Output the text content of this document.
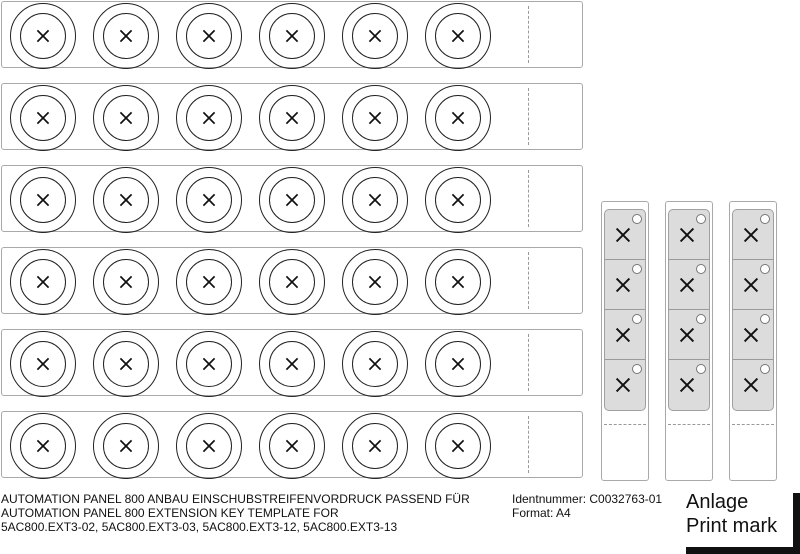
AUTOMATION PANEL 800 ANBAU EINSCHUBSTREIFENVORDRUCK PASSEND FÜR
AUTOMATION PANEL 800 EXTENSION KEY TEMPLATE FOR
5AC800.EXT3-02, 5AC800.EXT3-03, 5AC800.EXT3-12, 5AC800.EXT3-13
Identnummer: C0032763-01
Format: A4	Anlage
Print mark
